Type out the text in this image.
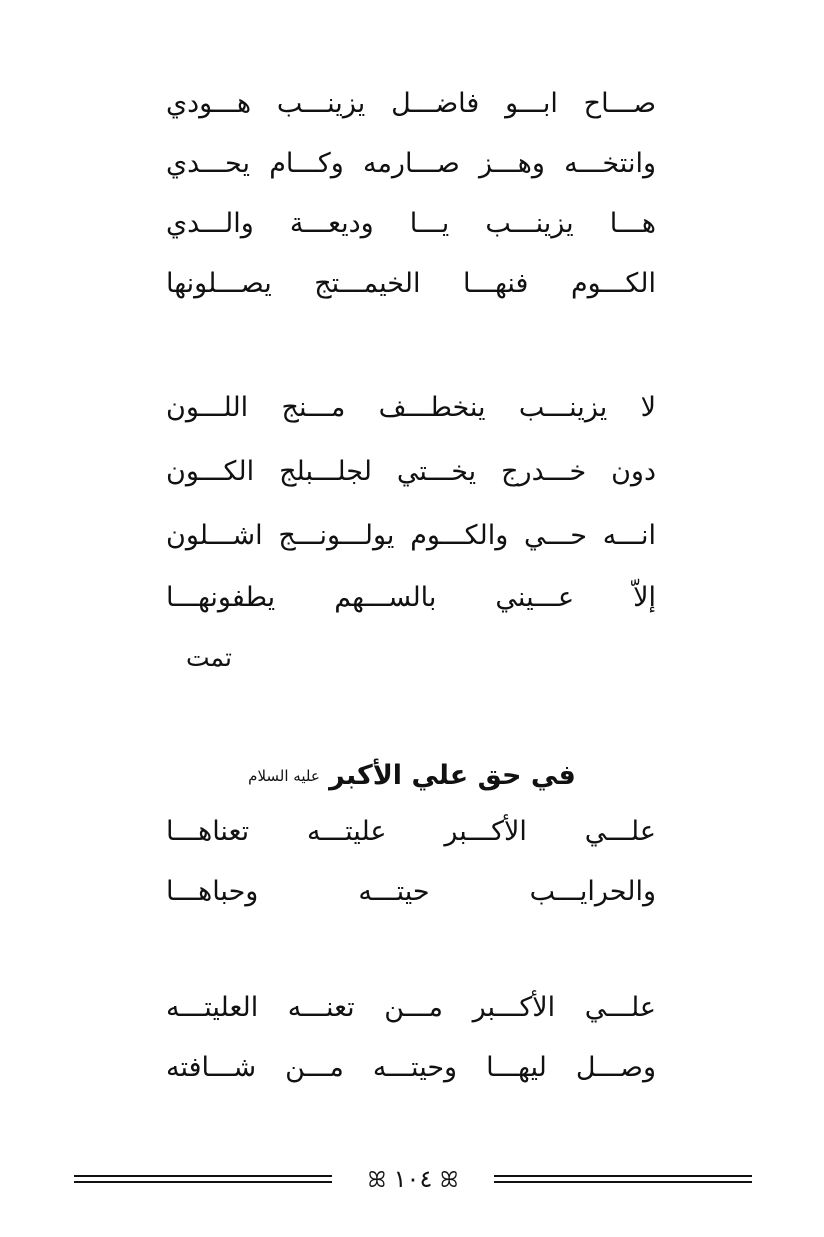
صـــاح ابـــو فاضـــل يزينـــب هـــودي
وانتخـــه وهـــز صـــارمه وكـــام يحـــدي
هـــا يزينـــب يـــا وديعـــة والـــدي
الكـــوم فنهـــا الخيمـــتج يصـــلونها
لا يزينـــب ينخطـــف مـــنج اللـــون
دون خـــدرج يخـــتي لجلـــبلج الكـــون
انـــه حـــي والكـــوم يولـــونـــج اشـــلون
إلاّ عـــيني بالســـهم يطفونهـــا
تمت
في حق علي الأكبر $^{عليه السلام}$
علـــي الأكـــبر عليتـــه تعناهـــا
والحرايـــب حيتـــه وحباهـــا
علـــي الأكـــبر مـــن تعنـــه العليتـــه
وصـــل ليهـــا وحيتـــه مـــن شـــافته
ꕤ ١٠٤ ꕤ
